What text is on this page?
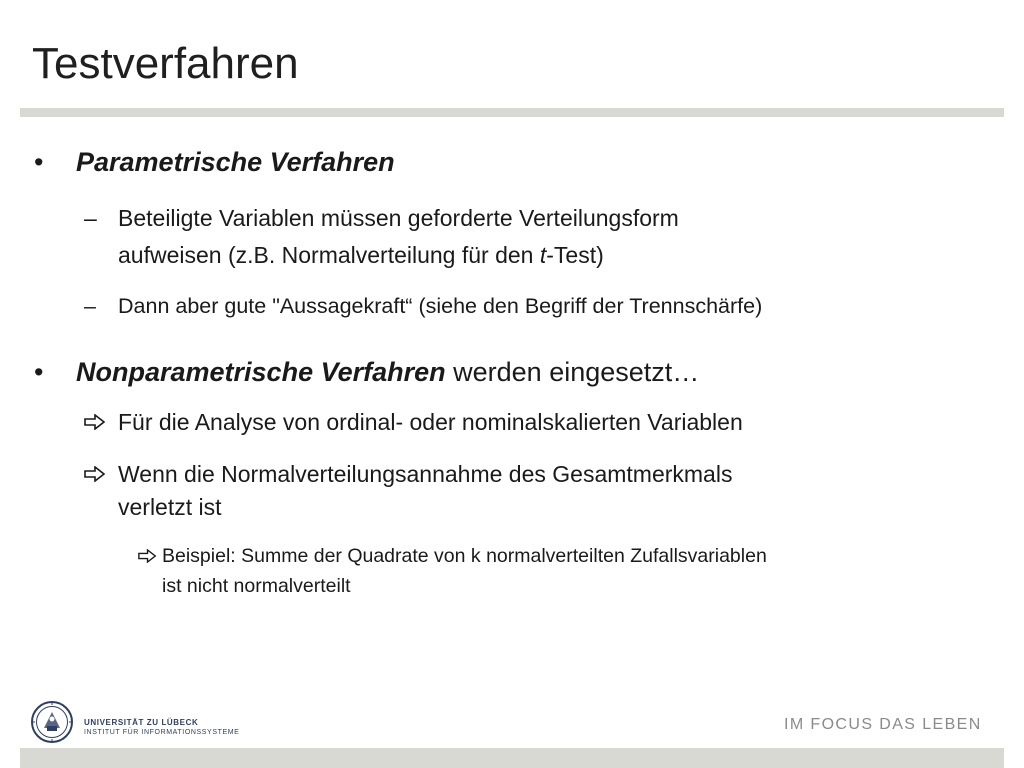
Testverfahren
•	Parametrische Verfahren
– Beteiligte Variablen müssen geforderte Verteilungsform
aufweisen (z.B. Normalverteilung für den t-Test)
–	Dann aber gute "Aussagekraft“ (siehe den Begriff der Trennschärfe)
•	Nonparametrische Verfahren werden eingesetzt…
Für die Analyse von ordinal- oder nominalskalierten Variablen
Wenn die Normalverteilungsannahme des Gesamtmerkmals
verletzt ist
Beispiel: Summe der Quadrate von k normalverteilten Zufallsvariablen
ist nicht normalverteilt
UNIVERSITÄT ZU LÜBECK
INSTITUT FÜR INFORMATIONSSYSTEME	IM FOCUS DAS LEBEN
